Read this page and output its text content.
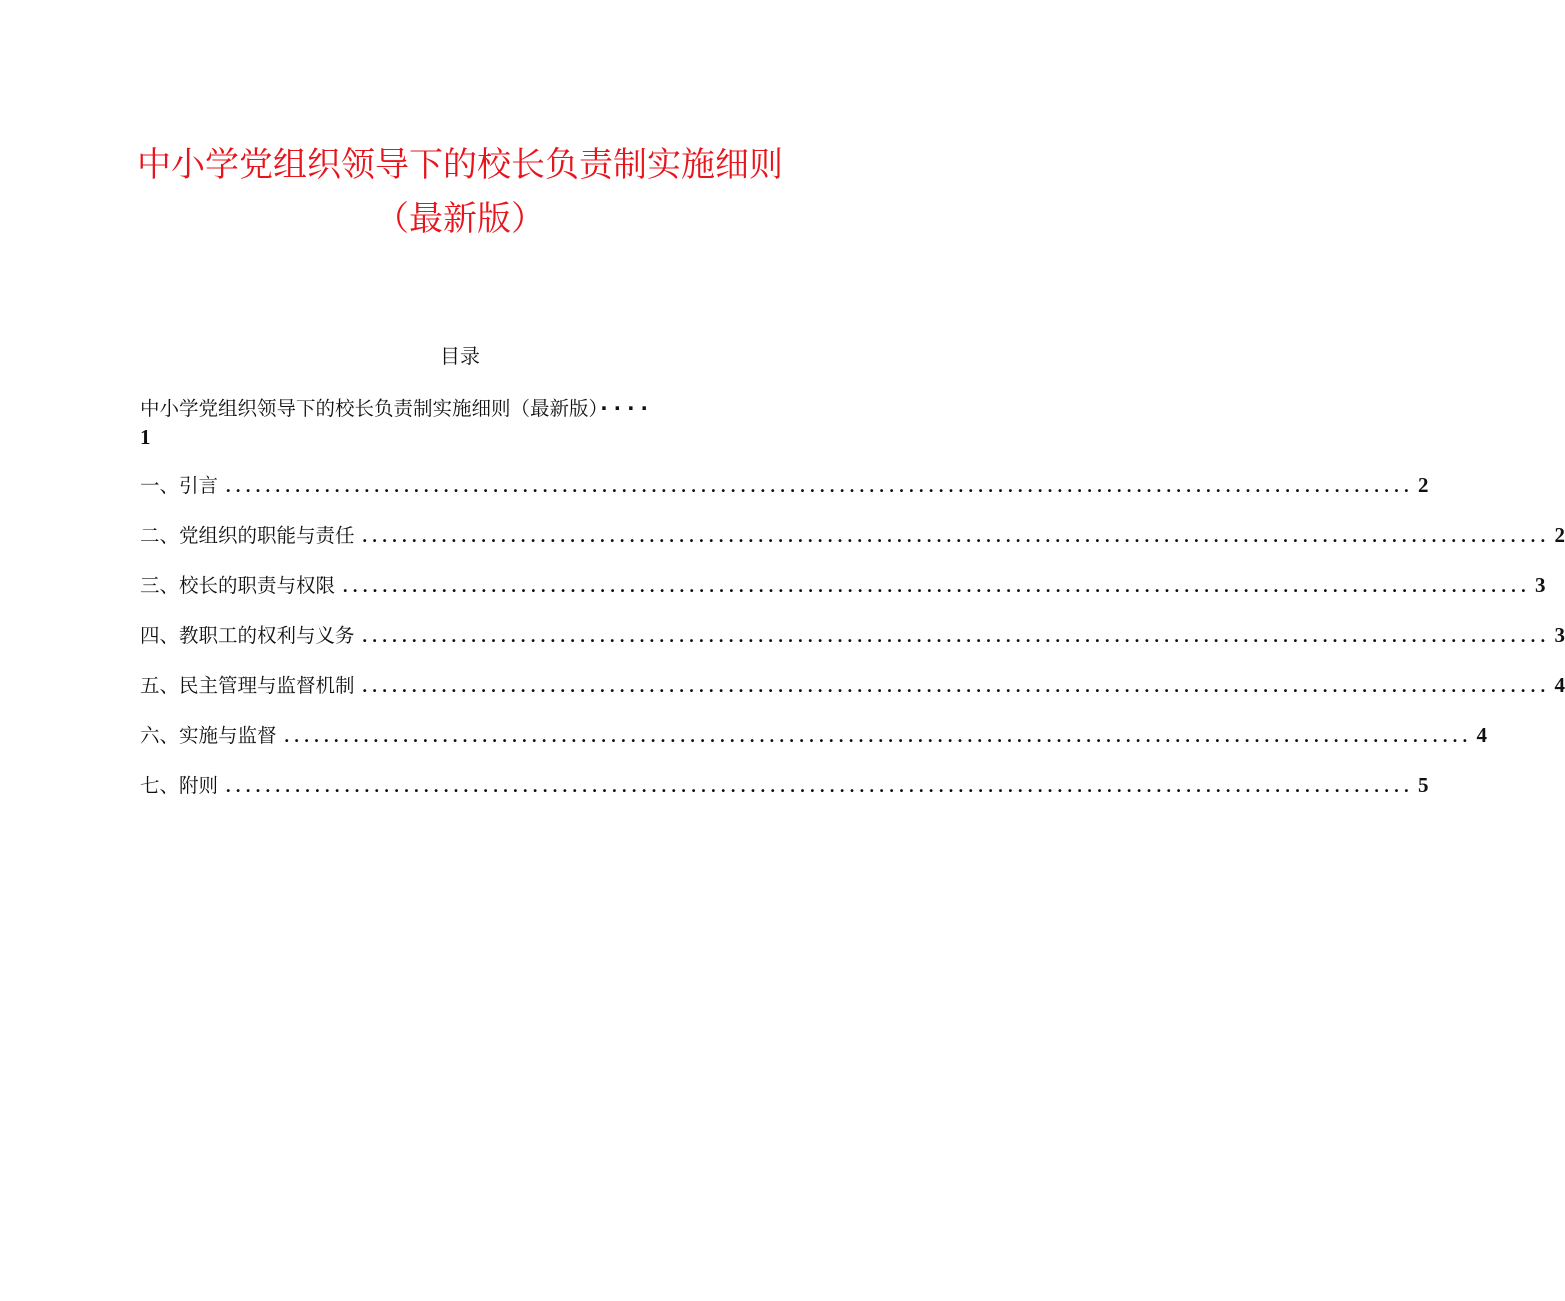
中小学党组织领导下的校长负责制实施细则（最新版）
目录
中小学党组织领导下的校长负责制实施细则（最新版） ····
1
一、引言 ........................................................................................................................ 2
二、党组织的职能与责任 ........................................................................................................................ 2
三、校长的职责与权限 ........................................................................................................................ 3
四、教职工的权利与义务 ........................................................................................................................ 3
五、民主管理与监督机制 ........................................................................................................................ 4
六、实施与监督 ........................................................................................................................ 4
七、附则 ........................................................................................................................ 5
